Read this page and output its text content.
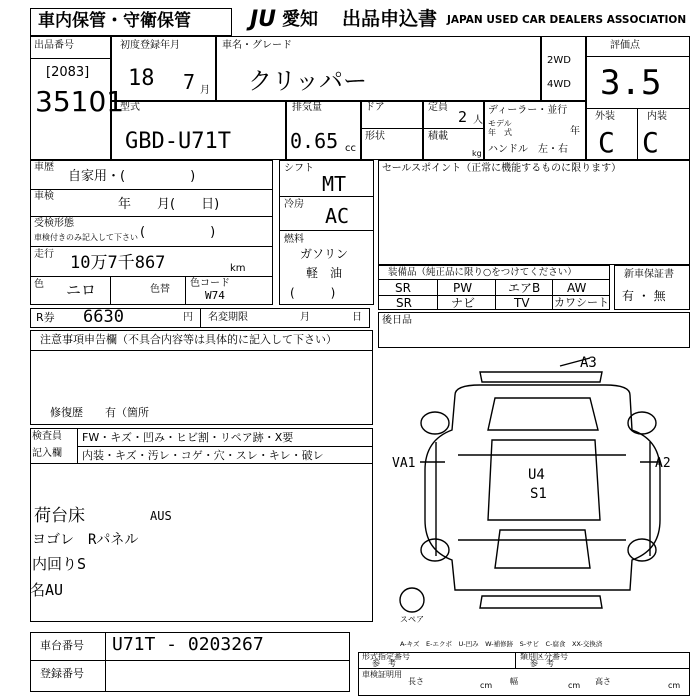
車内保管・守衛保管	JU 愛知 出品申込書 JAPAN USED CAR DEALERS ASSOCIATION
出品番号
[2083]
35101
初度登録年月
18 7 月
車名・グレード
クリッパー
2WD
4WD
評価点
3.5
外装	内装
C C
型式
GBD-U71T
排気量
0.65 cc
ドア
形状
定員
2 人
積載
kg
ディーラー・並行
モデル
年　式	年
ハンドル　左・右
車歴
自家用・(　　　　　)
車検
年　　月(　　日)
受検形態
車検付きのみ記入して下さい (　　　　　)
走行 10万7千867	km
色 ニロ	色替
色コード
W74
シフト
MT
冷房 AC
燃料
ガソリン
軽　油
(　　　)
セールスポイント（正常に機能するものに限ります）
装備品（純正品に限り○をつけてください）
SR	PW	エアB AW
SR	ナビ	TV カワシート
新車保証書
有 ・ 無
R券 6630	円 名変期限	月	日
注意事項申告欄（不具合内容等は具体的に記入して下さい）
修復歴　　有（箇所
後日品
検査員
記入欄
FW・キズ・凹み・ヒビ割・リペア跡・X要
内装・キズ・汚レ・コゲ・穴・スレ・キレ・破レ
荷台床
ヨゴレ　Rパネル
内回りS
名AU
AUS
A3
VA1	A2
U4
S1
スペア
A-キズ　E-エクボ　U-凹み　W-補修跡　S-サビ　C-腐食　XX-交換済
車台番号 U71T - 0203267
登録番号
形式指定番号
参　考
類別区分番号
参　考
車検証明用
長さ	cm 幅	cm 高さ	cm
